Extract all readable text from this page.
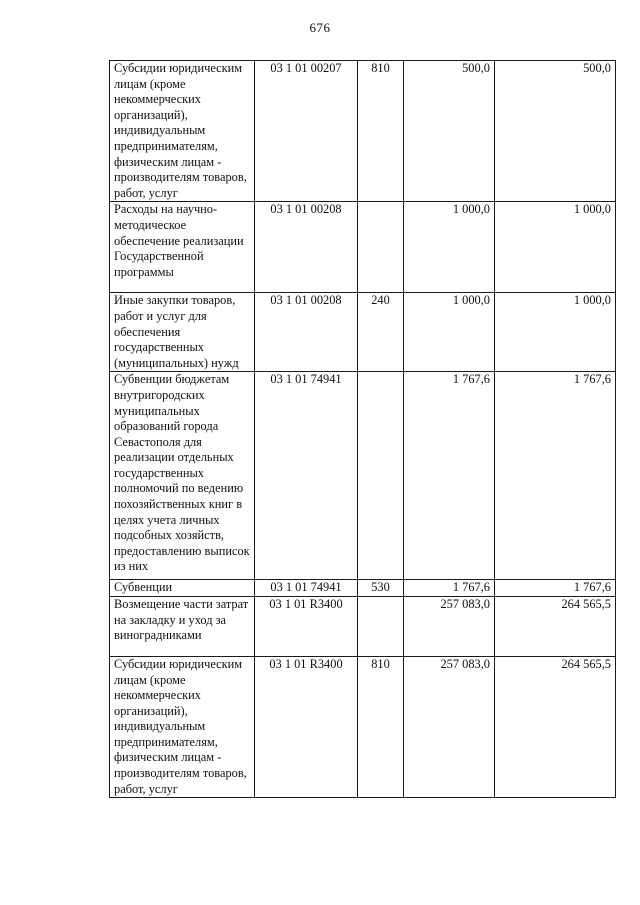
676
Субсидии юридическим лицам (кроме некоммерческих организаций), индивидуальным предпринимателям, физическим лицам - производителям товаров, работ, услуг	03 1 01 00207	810	500,0	500,0
Расходы на научно-методическое обеспечение реализации Государственной программы	03 1 01 00208		1 000,0	1 000,0
Иные закупки товаров, работ и услуг для обеспечения государственных (муниципальных) нужд	03 1 01 00208	240	1 000,0	1 000,0
Субвенции бюджетам внутригородских муниципальных образований города Севастополя для реализации отдельных государственных полномочий по ведению похозяйственных книг в целях учета личных подсобных хозяйств, предоставлению выписок из них	03 1 01 74941		1 767,6	1 767,6
Субвенции	03 1 01 74941	530	1 767,6	1 767,6
Возмещение части затрат на закладку и уход за виноградниками	03 1 01 R3400		257 083,0	264 565,5
Субсидии юридическим лицам (кроме некоммерческих организаций), индивидуальным предпринимателям, физическим лицам - производителям товаров, работ, услуг	03 1 01 R3400	810	257 083,0	264 565,5
